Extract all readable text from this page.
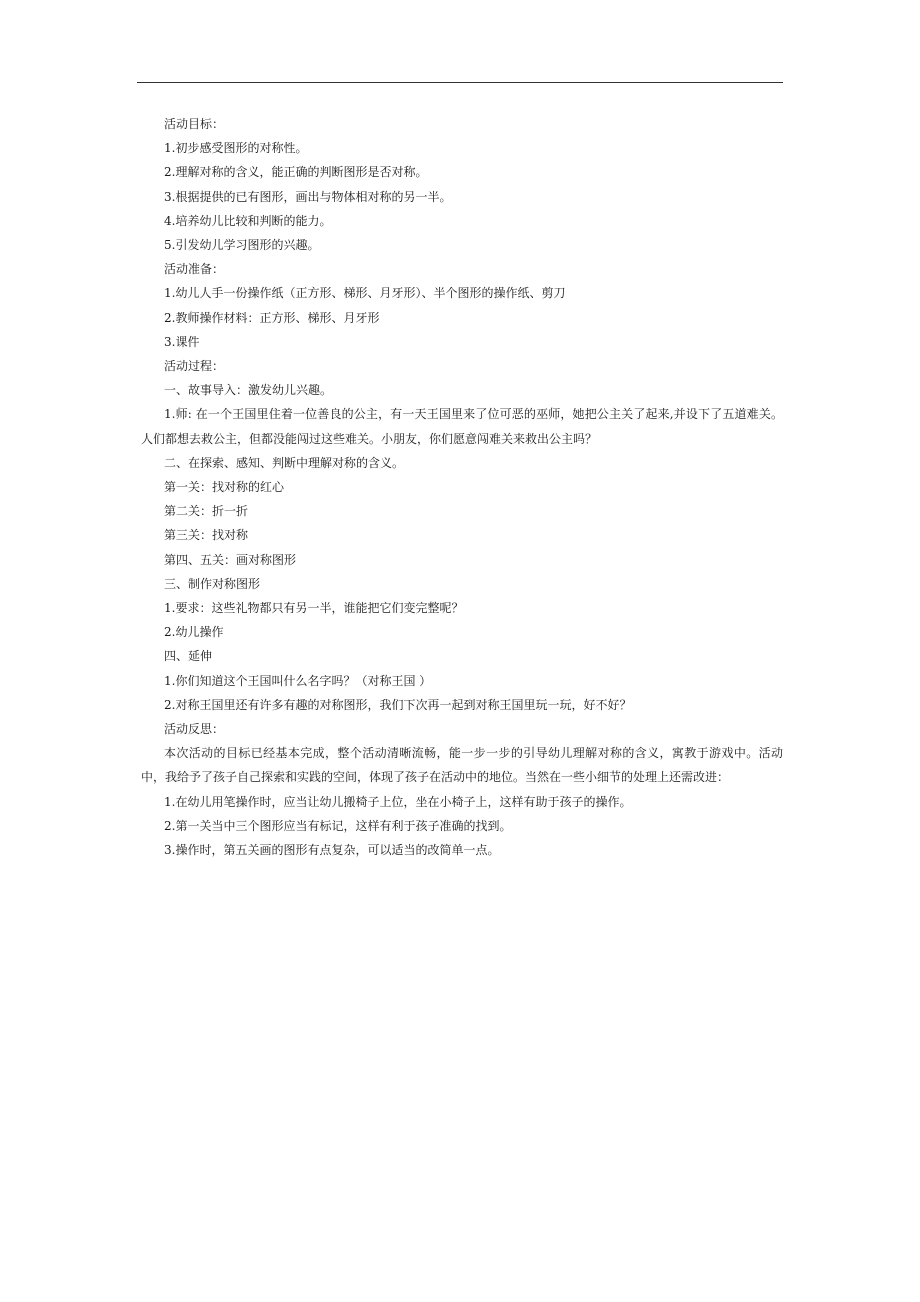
活动目标：

1.初步感受图形的对称性。

2.理解对称的含义，能正确的判断图形是否对称。

3.根据提供的已有图形，画出与物体相对称的另一半。

4.培养幼儿比较和判断的能力。

5.引发幼儿学习图形的兴趣。

活动准备：

1.幼儿人手一份操作纸（正方形、梯形、月牙形）、半个图形的操作纸、剪刀

2.教师操作材料：正方形、梯形、月牙形

3.课件

活动过程：

一、故事导入：激发幼儿兴趣。

1.师: 在一个王国里住着一位善良的公主，有一天王国里来了位可恶的巫师，她把公主关了起来,并设下了五道难关。人们都想去救公主，但都没能闯过这些难关。小朋友，你们愿意闯难关来救出公主吗？

二、在探索、感知、判断中理解对称的含义。

第一关：找对称的红心

第二关：折一折

第三关：找对称

第四、五关：画对称图形

三、制作对称图形

1.要求：这些礼物都只有另一半，谁能把它们变完整呢？

2.幼儿操作

四、延伸

1.你们知道这个王国叫什么名字吗？（对称王国 ）

2.对称王国里还有许多有趣的对称图形，我们下次再一起到对称王国里玩一玩，好不好？

活动反思：

本次活动的目标已经基本完成，整个活动清晰流畅，能一步一步的引导幼儿理解对称的含义，寓教于游戏中。活动中，我给予了孩子自己探索和实践的空间，体现了孩子在活动中的地位。当然在一些小细节的处理上还需改进：

1.在幼儿用笔操作时，应当让幼儿搬椅子上位，坐在小椅子上，这样有助于孩子的操作。

2.第一关当中三个图形应当有标记，这样有利于孩子准确的找到。

3.操作时，第五关画的图形有点复杂，可以适当的改简单一点。
